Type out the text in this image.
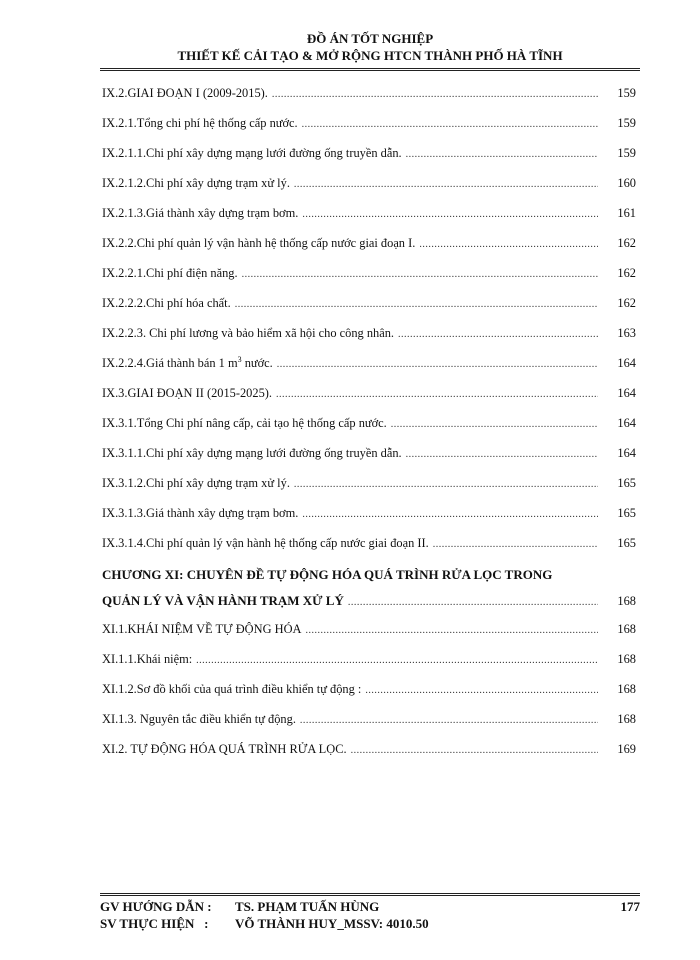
ĐỒ ÁN TỐT NGHIỆP
THIẾT KẾ CẢI TẠO & MỞ RỘNG HTCN THÀNH PHỐ HÀ TĨNH
IX.2.GIAI ĐOẠN I (2009-2015). .....	159
IX.2.1.Tổng chi phí hệ thống cấp nước. .....	159
IX.2.1.1.Chi phí xây dựng mạng lưới đường ống truyền dẫn. .....	159
IX.2.1.2.Chi phí xây dựng trạm xử lý. .....	160
IX.2.1.3.Giá thành xây dựng trạm bơm. .....	161
IX.2.2.Chi phí quản lý vận hành hệ thống cấp nước giai đoạn I. .....	162
IX.2.2.1.Chi phí điện năng. .....	162
IX.2.2.2.Chi phí hóa chất. .....	162
IX.2.2.3. Chi phí lương và bảo hiểm xã hội cho công nhân. .....	163
IX.2.2.4.Giá thành bán 1 $m^3$ nước. .....	164
IX.3.GIAI ĐOẠN II (2015-2025). .....	164
IX.3.1.Tổng Chi phí nâng cấp, cải tạo hệ thống cấp nước. .....	164
IX.3.1.1.Chi phí xây dựng mạng lưới đường ống truyền dẫn. .....	164
IX.3.1.2.Chi phí xây dựng trạm xử lý. .....	165
IX.3.1.3.Giá thành xây dựng trạm bơm. .....	165
IX.3.1.4.Chi phí quản lý vận hành hệ thống cấp nước giai đoạn II. .....	165
CHƯƠNG XI: CHUYÊN ĐỀ TỰ ĐỘNG HÓA QUÁ TRÌNH RỬA LỌC TRONG
QUẢN LÝ VÀ VẬN HÀNH TRẠM XỬ LÝ .....	168
XI.1.KHÁI NIỆM VỀ TỰ ĐỘNG HÓA .....	168
XI.1.1.Khái niệm: .....	168
XI.1.2.Sơ đồ khối của quá trình điều khiển tự động : .....	168
XI.1.3. Nguyên tắc điều khiển tự động. .....	168
XI.2. TỰ ĐỘNG HÓA QUÁ TRÌNH RỬA LỌC. .....	169
GV HƯỚNG DẪN :	TS. PHẠM TUẤN HÙNG	177
SV THỰC HIỆN   :	VÕ THÀNH HUY_MSSV: 4010.50
